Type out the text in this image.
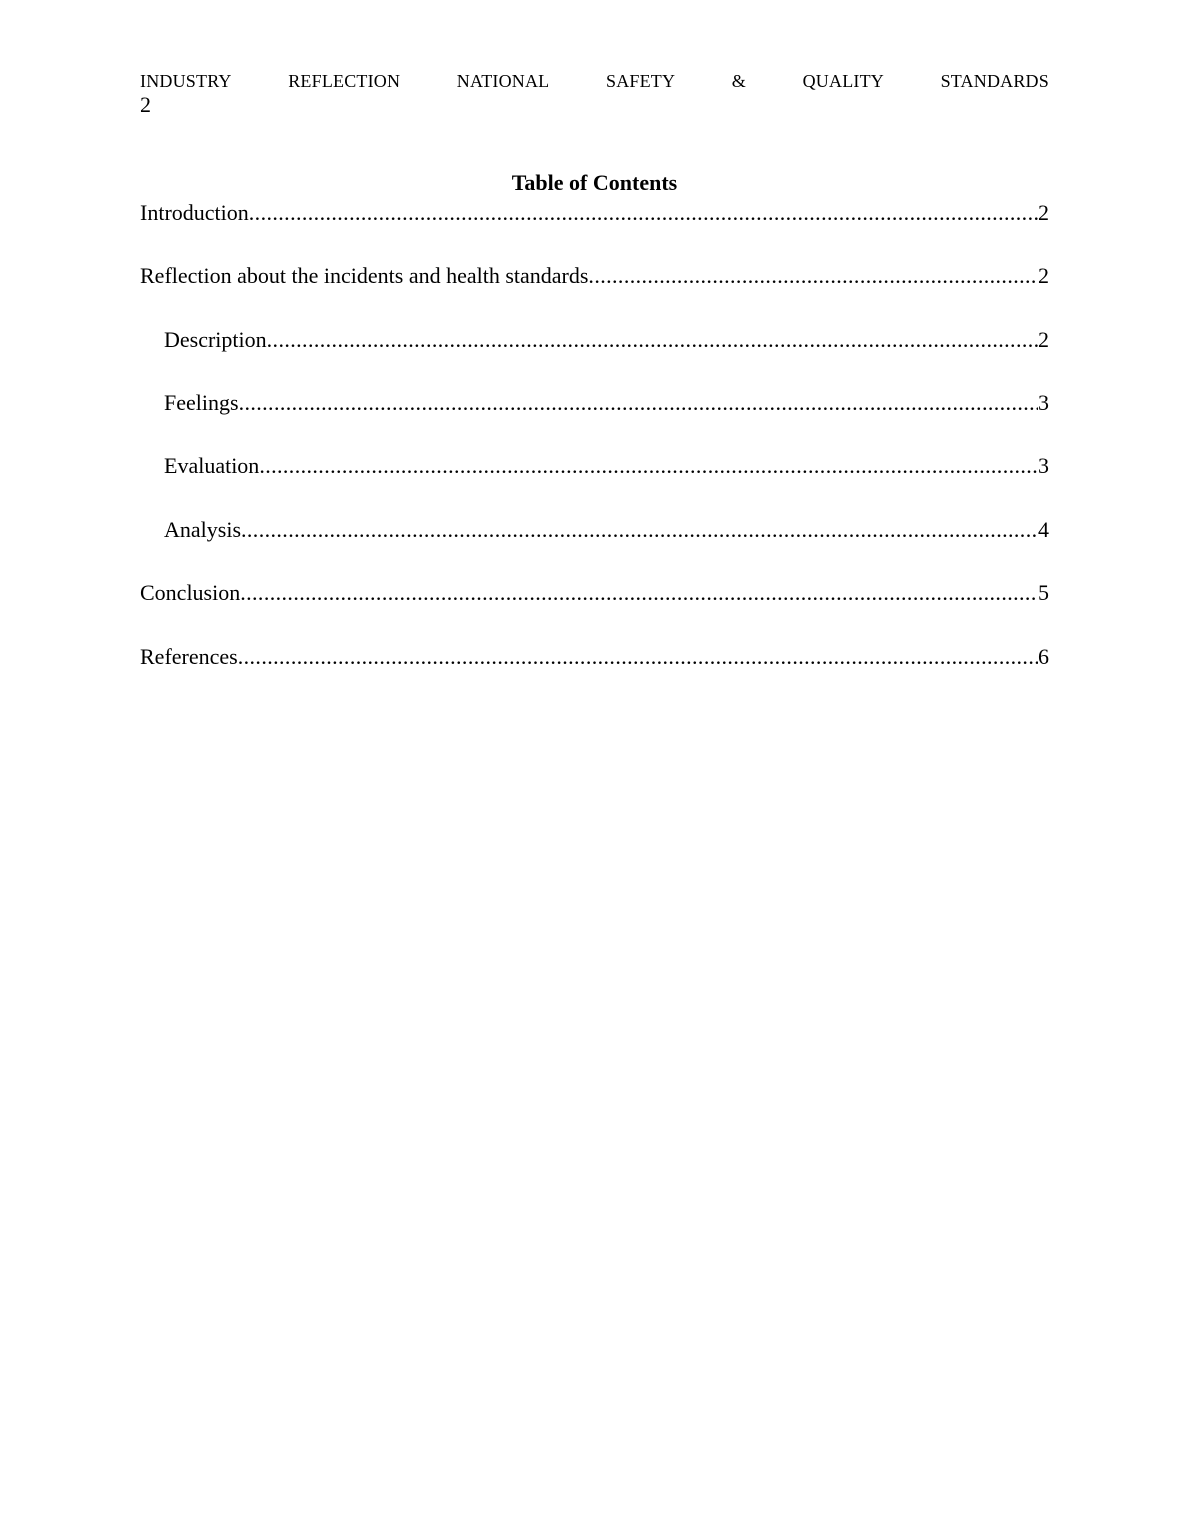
INDUSTRY	REFLECTION	NATIONAL	SAFETY	&	QUALITY	STANDARDS
2
Table of Contents
Introduction .....	2
Reflection about the incidents and health standards .....	2
Description .....	2
Feelings .....	3
Evaluation .....	3
Analysis .....	4
Conclusion .....	5
References .....	6
